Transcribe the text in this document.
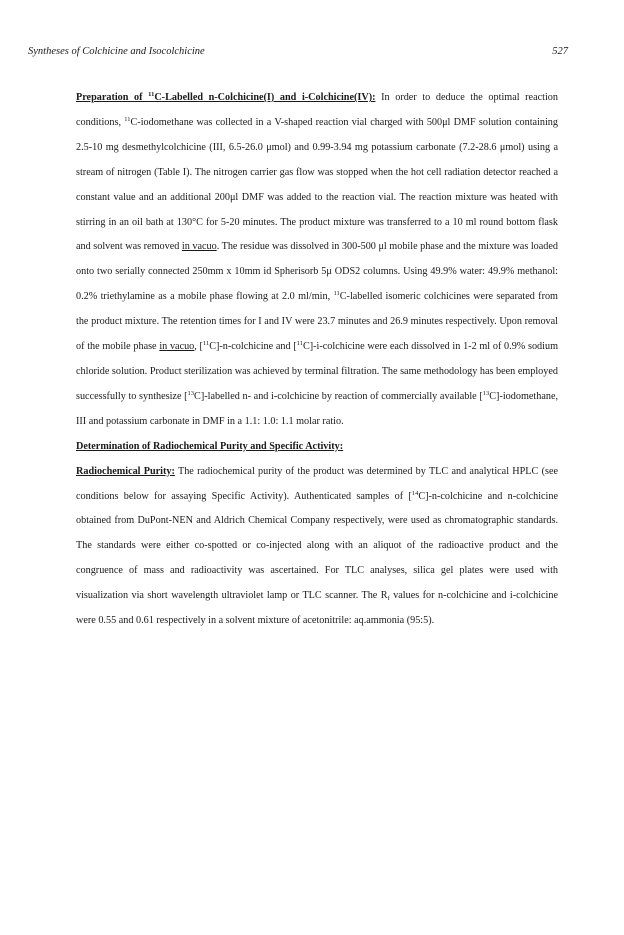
Syntheses of Colchicine and Isocolchicine	527

Preparation of $^{11}$C-Labelled n-Colchicine(I) and i-Colchicine(IV): In order to deduce the optimal reaction conditions, $^{11}$C-iodomethane was collected in a V-shaped reaction vial charged with 500μl DMF solution containing 2.5-10 mg desmethylcolchicine (III, 6.5-26.0 μmol) and 0.99-3.94 mg potassium carbonate (7.2-28.6 μmol) using a stream of nitrogen (Table I). The nitrogen carrier gas flow was stopped when the hot cell radiation detector reached a constant value and an additional 200μl DMF was added to the reaction vial. The reaction mixture was heated with stirring in an oil bath at 130°C for 5-20 minutes. The product mixture was transferred to a 10 ml round bottom flask and solvent was removed in vacuo. The residue was dissolved in 300-500 μl mobile phase and the mixture was loaded onto two serially connected 250mm x 10mm id Spherisorb 5μ ODS2 columns. Using 49.9% water: 49.9% methanol: 0.2% triethylamine as a mobile phase flowing at 2.0 ml/min, $^{11}$C-labelled isomeric colchicines were separated from the product mixture. The retention times for I and IV were 23.7 minutes and 26.9 minutes respectively. Upon removal of the mobile phase in vacuo, [$^{11}$C]-n-colchicine and [$^{11}$C]-i-colchicine were each dissolved in 1-2 ml of 0.9% sodium chloride solution. Product sterilization was achieved by terminal filtration. The same methodology has been employed successfully to synthesize [$^{13}$C]-labelled n- and i-colchicine by reaction of commercially available [$^{13}$C]-iodomethane, III and potassium carbonate in DMF in a 1.1: 1.0: 1.1 molar ratio.

Determination of Radiochemical Purity and Specific Activity:

Radiochemical Purity: The radiochemical purity of the product was determined by TLC and analytical HPLC (see conditions below for assaying Specific Activity). Authenticated samples of [$^{14}$C]-n-colchicine and n-colchicine obtained from DuPont-NEN and Aldrich Chemical Company respectively, were used as chromatographic standards. The standards were either co-spotted or co-injected along with an aliquot of the radioactive product and the congruence of mass and radioactivity was ascertained. For TLC analyses, silica gel plates were used with visualization via short wavelength ultraviolet lamp or TLC scanner. The $R_f$ values for n-colchicine and i-colchicine were 0.55 and 0.61 respectively in a solvent mixture of acetonitrile: aq.ammonia (95:5).
